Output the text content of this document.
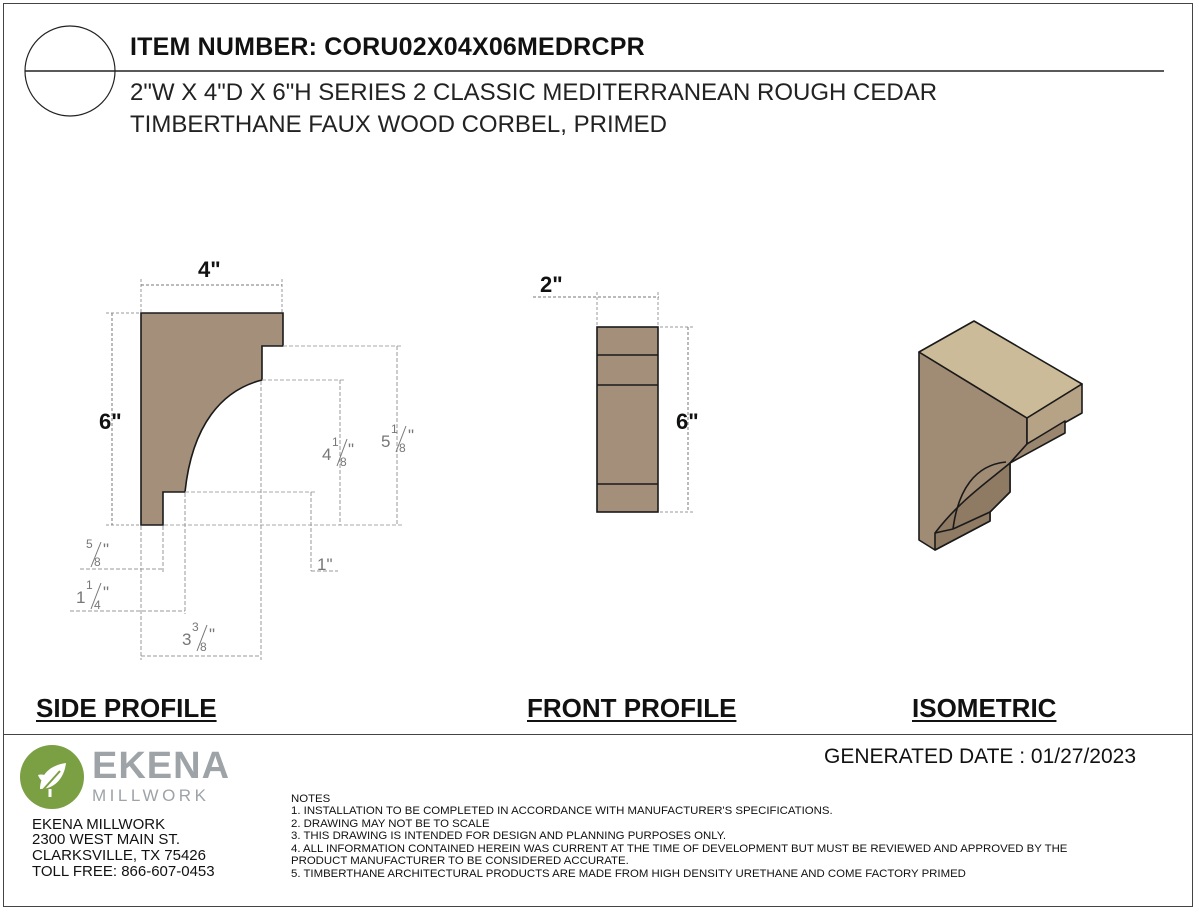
ITEM NUMBER: CORU02X04X06MEDRCPR
2"W X 4"D X 6"H SERIES 2 CLASSIC MEDITERRANEAN ROUGH CEDAR
TIMBERTHANE FAUX WOOD CORBEL, PRIMED
4"
6"
5
1
8
"
4
1
8
"
1"
5
8
"
1
1
4
"
3
3
8
"
2"
6"
SIDE PROFILE	FRONT PROFILE	ISOMETRIC
GENERATED DATE : 01/27/2023
EKENA
MILLWORK
EKENA MILLWORK
2300 WEST MAIN ST.
CLARKSVILLE, TX 75426
TOLL FREE: 866-607-0453
NOTES
1. INSTALLATION TO BE COMPLETED IN ACCORDANCE WITH MANUFACTURER'S SPECIFICATIONS.
2. DRAWING MAY NOT BE TO SCALE
3. THIS DRAWING IS INTENDED FOR DESIGN AND PLANNING PURPOSES ONLY.
4. ALL INFORMATION CONTAINED HEREIN WAS CURRENT AT THE TIME OF DEVELOPMENT BUT MUST BE REVIEWED AND APPROVED BY THE
PRODUCT MANUFACTURER TO BE CONSIDERED ACCURATE.
5. TIMBERTHANE ARCHITECTURAL PRODUCTS ARE MADE FROM HIGH DENSITY URETHANE AND COME FACTORY PRIMED
